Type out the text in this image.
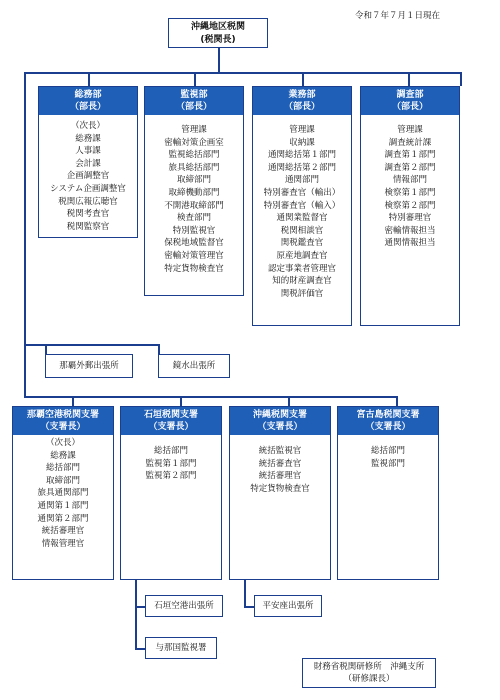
令和７年７月１日現在
沖縄地区税関
(税関長)
総務部
（部長）
（次長）
総務課
人事課
会計課
企画調整官
システム企画調整官
税関広報広聴官
税関考査官
税関監察官
監視部
（部長）
管理課
密輸対策企画室
監視総括部門
旅具総括部門
取締部門
取締機動部門
不開港取締部門
検査部門
特別監視官
保税地域監督官
密輸対策管理官
特定貨物検査官
業務部
（部長）
管理課
収納課
通関総括第１部門
通関総括第２部門
通関部門
特別審査官（輸出）
特別審査官（輸入）
通関業監督官
税関相談官
関税鑑査官
原産地調査官
認定事業者管理官
知的財産調査官
関税評価官
調査部
（部長）
管理課
調査統計課
調査第１部門
調査第２部門
情報部門
検察第１部門
検察第２部門
特別審理官
密輸情報担当
通関情報担当
那覇外郵出張所	鏡水出張所
那覇空港税関支署
（支署長）
（次長）
総務課
総括部門
取締部門
旅具通関部門
通関第１部門
通関第２部門
統括審理官
情報管理官
石垣税関支署
（支署長）
総括部門
監視第１部門
監視第２部門
沖縄税関支署
（支署長）
統括監視官
統括審査官
統括審理官
特定貨物検査官
宮古島税関支署
（支署長）
総括部門
監視部門
石垣空港出張所
与那国監視署
平安座出張所
財務省税関研修所　沖縄支所
（研修課長）
